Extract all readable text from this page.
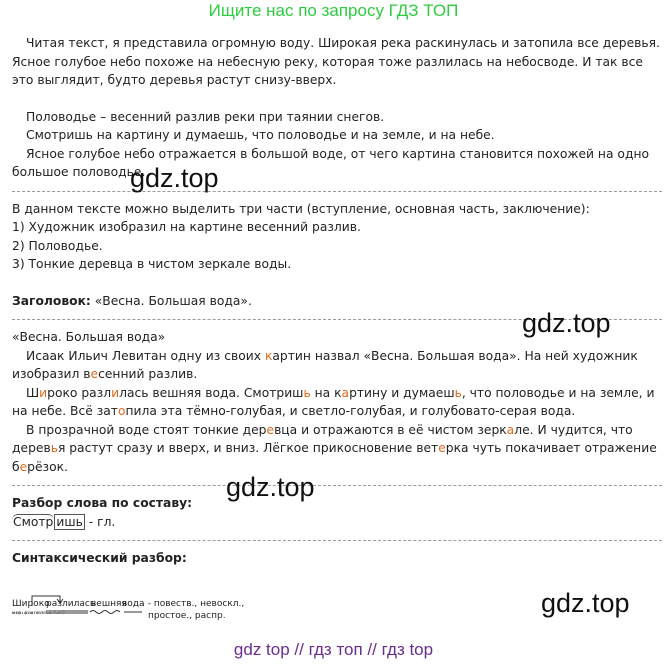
Ищите нас по запросу ГДЗ ТОП

Читая текст, я представила огромную воду. Широкая река раскинулась и затопила все деревья. Ясное голубое небо похоже на небесную реку, которая тоже разлилась на небосводе. И так все это выглядит, будто деревья растут снизу-вверх.

Половодье – весенний разлив реки при таянии снегов.

Смотришь на картину и думаешь, что половодье и на земле, и на небе.

Ясное голубое небо отражается в большой воде, от чего картина становится похожей на одно большое половодье.

В данном тексте можно выделить три части (вступление, основная часть, заключение):

1) Художник изобразил на картине весенний разлив.

2) Половодье.

3) Тонкие деревца в чистом зеркале воды.

Заголовок: «Весна. Большая вода».

«Весна. Большая вода»

Исаак Ильич Левитан одну из своих картин назвал «Весна. Большая вода». На ней художник изобразил весенний разлив.

Широко разлилась вешняя вода. Смотришь на картину и думаешь, что половодье и на земле, и на небе. Всё затопила эта тёмно-голубая, и светло-голубая, и голубовато-серая вода.

В прозрачной воде стоят тонкие деревца и отражаются в её чистом зеркале. И чудится, что деревья растут сразу и вверх, и вниз. Лёгкое прикосновение ветерка чуть покачивает отражение берёзок.

Разбор слова по составу:

Смотр ишь - гл.

Синтаксический разбор:

Широко
разлилась
вешняя
вода
. - повеств., невоскл.,
простое., распр.
нар. разлилась как?
gdz.top
gdz.top
gdz.top
gdz.top
gdz top // гдз топ // гдз top
